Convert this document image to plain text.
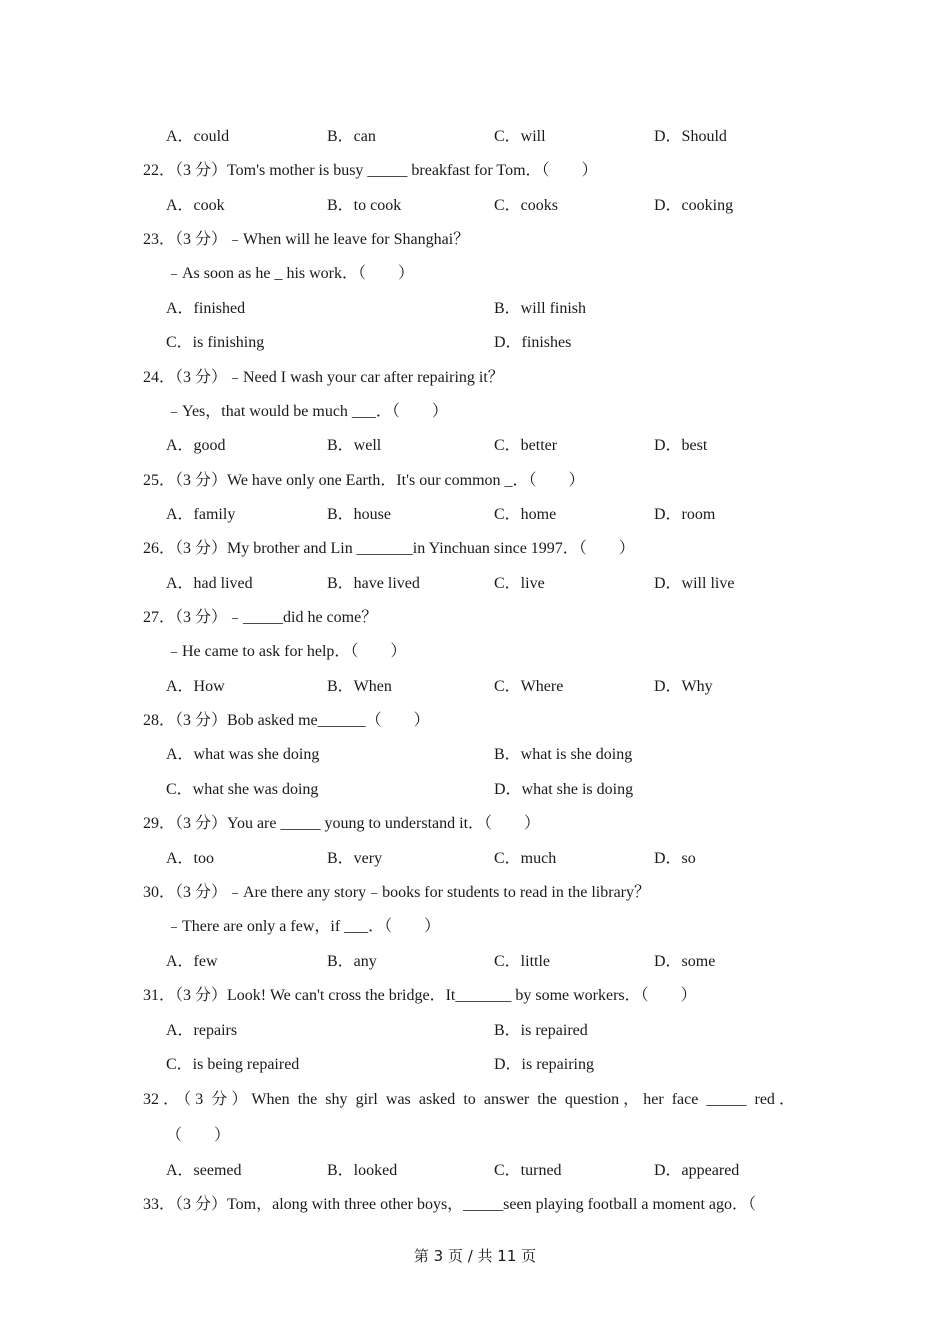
A．could	B．can	C．will	D．Should
22．（3 分）Tom's mother is busy _____ breakfast for Tom．（　　）
A．cook	B．to cook	C．cooks	D．cooking
23．（3 分）﹣When will he leave for Shanghai？
﹣As soon as he _ his work．（　　）
A．finished	B．will finish
C．is finishing	D．finishes
24．（3 分）﹣Need I wash your car after repairing it？
﹣Yes，that would be much ___．（　　）
A．good	B．well	C．better	D．best
25．（3 分）We have only one Earth．It's our common _．（　　）
A．family	B．house	C．home	D．room
26．（3 分）My brother and Lin _______in Yinchuan since 1997．（　　）
A．had lived	B．have lived	C．live	D．will live
27．（3 分）﹣_____did he come？
﹣He came to ask for help．（　　）
A．How	B．When	C．Where	D．Why
28．（3 分）Bob asked me______（　　）
A．what was she doing	B．what is she doing
C．what she was doing	D．what she is doing
29．（3 分）You are _____ young to understand it．（　　）
A．too	B．very	C．much	D．so
30．（3 分）﹣Are there any story﹣books for students to read in the library？
﹣There are only a few，if ___．（　　）
A．few	B．any	C．little	D．some
31．（3 分）Look! We can't cross the bridge．It_______ by some workers．（　　）
A．repairs	B．is repaired
C．is being repaired	D．is repairing
32．（3 分）When the shy girl was asked to answer the question，her face _____ red．
（　　）
A．seemed	B．looked	C．turned	D．appeared
33．（3 分）Tom，along with three other boys，_____seen playing football a moment ago．（
第 3 页 / 共 11 页
